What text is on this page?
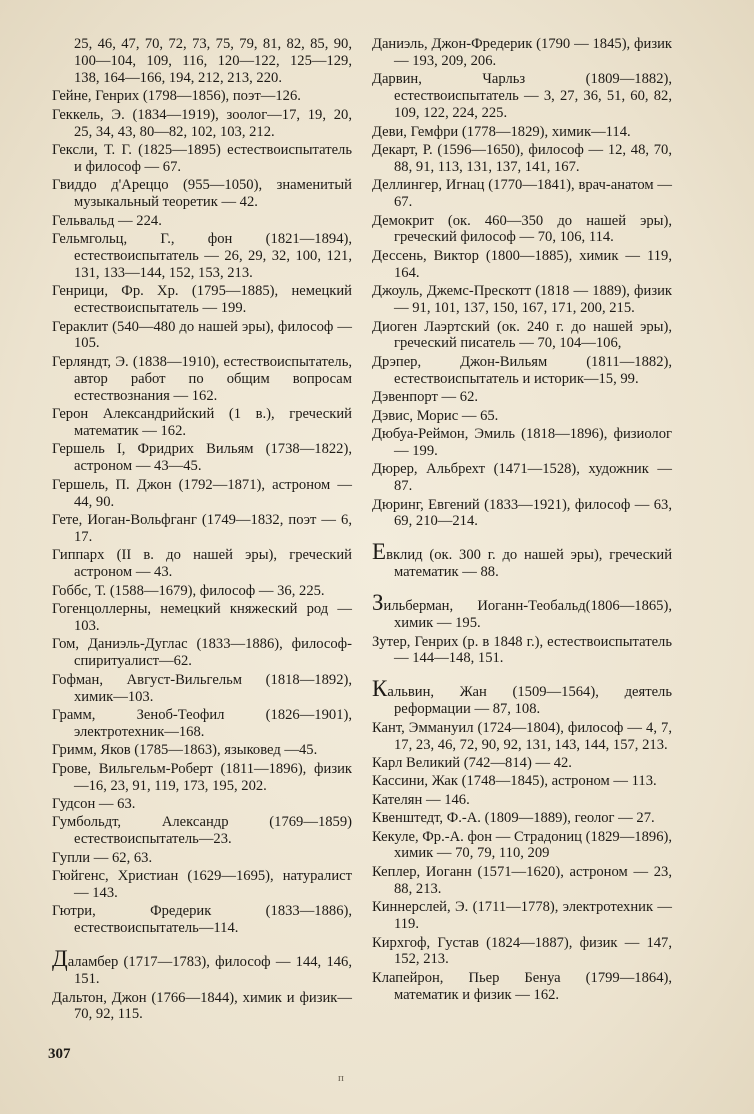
25, 46, 47, 70, 72, 73, 75, 79, 81, 82, 85, 90, 100—104, 109, 116, 120—122, 125—129, 138, 164—166, 194, 212, 213, 220.

Гейне, Генрих (1798—1856), поэт—126.

Геккель, Э. (1834—1919), зоолог—17, 19, 20, 25, 34, 43, 80—82, 102, 103, 212.

Гексли, Т. Г. (1825—1895) естествоиспытатель и философ — 67.

Гвиддо д'Ареццо (955—1050), знаменитый музыкальный теоретик — 42.

Гельвальд — 224.

Гельмгольц, Г., фон (1821—1894), естествоиспытатель — 26, 29, 32, 100, 121, 131, 133—144, 152, 153, 213.

Генрици, Фр. Хр. (1795—1885), немецкий естествоиспытатель — 199.

Гераклит (540—480 до нашей эры), философ — 105.

Герляндт, Э. (1838—1910), естествоиспытатель, автор работ по общим вопросам естествознания — 162.

Герон Александрийский (1 в.), греческий математик — 162.

Гершель I, Фридрих Вильям (1738—1822), астроном — 43—45.

Гершель, П. Джон (1792—1871), астроном — 44, 90.

Гете, Иоган-Вольфганг (1749—1832, поэт — 6, 17.

Гиппарх (II в. до нашей эры), греческий астроном — 43.

Гоббс, Т. (1588—1679), философ — 36, 225.

Гогенцоллерны, немецкий княжеский род — 103.

Гом, Даниэль-Дуглас (1833—1886), философ-спиритуалист—62.

Гофман, Август-Вильгельм (1818—1892), химик—103.

Грамм, Зеноб-Теофил (1826—1901), электротехник—168.

Гримм, Яков (1785—1863), языковед —45.

Грове, Вильгельм-Роберт (1811—1896), физик—16, 23, 91, 119, 173, 195, 202.

Гудсон — 63.

Гумбольдт, Александр (1769—1859) естествоиспытатель—23.

Гупли — 62, 63.

Гюйгенс, Христиан (1629—1695), натуралист — 143.

Гютри, Фредерик (1833—1886), естествоиспытатель—114.

Даламбер (1717—1783), философ — 144, 146, 151.

Дальтон, Джон (1766—1844), химик и физик—70, 92, 115.

Даниэль, Джон-Фредерик (1790 — 1845), физик — 193, 209, 206.

Дарвин, Чарльз (1809—1882), естествоиспытатель — 3, 27, 36, 51, 60, 82, 109, 122, 224, 225.

Деви, Гемфри (1778—1829), химик—114.

Декарт, Р. (1596—1650), философ — 12, 48, 70, 88, 91, 113, 131, 137, 141, 167.

Деллингер, Игнац (1770—1841), врач-анатом — 67.

Демокрит (ок. 460—350 до нашей эры), греческий философ — 70, 106, 114.

Дессень, Виктор (1800—1885), химик — 119, 164.

Джоуль, Джемс-Прескотт (1818 — 1889), физик — 91, 101, 137, 150, 167, 171, 200, 215.

Диоген Лаэртский (ок. 240 г. до нашей эры), греческий писатель — 70, 104—106,

Дрэпер, Джон-Вильям (1811—1882), естествоиспытатель и историк—15, 99.

Дэвенпорт — 62.

Дэвис, Морис — 65.

Дюбуа-Реймон, Эмиль (1818—1896), физиолог — 199.

Дюрер, Альбрехт (1471—1528), художник — 87.

Дюринг, Евгений (1833—1921), философ — 63, 69, 210—214.

Евклид (ок. 300 г. до нашей эры), греческий математик — 88.

Зильберман, Иоганн-Теобальд(1806—1865), химик — 195.

Зутер, Генрих (р. в 1848 г.), естествоиспытатель — 144—148, 151.

Кальвин, Жан (1509—1564), деятель реформации — 87, 108.

Кант, Эммануил (1724—1804), философ — 4, 7, 17, 23, 46, 72, 90, 92, 131, 143, 144, 157, 213.

Карл Великий (742—814) — 42.

Кассини, Жак (1748—1845), астроном — 113.

Кателян — 146.

Квенштедт, Ф.-А. (1809—1889), геолог — 27.

Кекуле, Фр.-А. фон — Страдониц (1829—1896), химик — 70, 79, 110, 209

Кеплер, Иоганн (1571—1620), астроном — 23, 88, 213.

Киннерслей, Э. (1711—1778), электротехник — 119.

Кирхгоф, Густав (1824—1887), физик — 147, 152, 213.

Клапейрон, Пьер Бенуа (1799—1864), математик и физик — 162.

307
п
